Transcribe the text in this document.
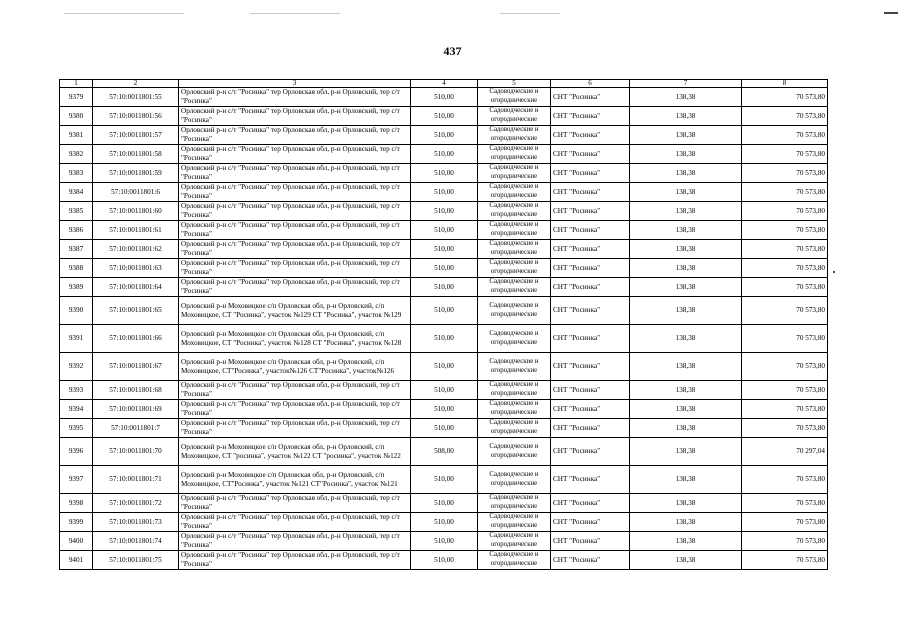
437
1	2	3	4	5	6	7	8
9379	57:10:0011801:55	Орловский р-н с/т "Росинка" тер Орловская обл, р-н Орловский, тер с/т "Росинка"	510,00	Садоводческие и огороднические	СНТ "Росинка"	138,38	70 573,80
9380	57:10:0011801:56	Орловский р-н с/т "Росинка" тер Орловская обл, р-н Орловский, тер с/т "Росинка"	510,00	Садоводческие и огороднические	СНТ "Росинка"	138,38	70 573,80
9381	57:10:0011801:57	Орловский р-н с/т "Росинка" тер Орловская обл, р-н Орловский, тер с/т "Росинка"	510,00	Садоводческие и огороднические	СНТ "Росинка"	138,38	70 573,80
9382	57:10:0011801:58	Орловский р-н с/т "Росинка" тер Орловская обл, р-н Орловский, тер с/т "Росинка"	510,00	Садоводческие и огороднические	СНТ "Росинка"	138,38	70 573,80
9383	57:10:0011801:59	Орловский р-н с/т "Росинка" тер Орловская обл, р-н Орловский, тер с/т "Росинка"	510,00	Садоводческие и огороднические	СНТ "Росинка"	138,38	70 573,80
9384	57:10:0011801:6	Орловский р-н с/т "Росинка" тер Орловская обл, р-н Орловский, тер с/т "Росинка"	510,00	Садоводческие и огороднические	СНТ "Росинка"	138,38	70 573,80
9385	57:10:0011801:60	Орловский р-н с/т "Росинка" тер Орловская обл, р-н Орловский, тер с/т "Росинка"	510,00	Садоводческие и огороднические	СНТ "Росинка"	138,38	70 573,80
9386	57:10:0011801:61	Орловский р-н с/т "Росинка" тер Орловская обл, р-н Орловский, тер с/т "Росинка"	510,00	Садоводческие и огороднические	СНТ "Росинка"	138,38	70 573,80
9387	57:10:0011801:62	Орловский р-н с/т "Росинка" тер Орловская обл, р-н Орловский, тер с/т "Росинка"	510,00	Садоводческие и огороднические	СНТ "Росинка"	138,38	70 573,80
9388	57:10:0011801:63	Орловский р-н с/т "Росинка" тер Орловская обл, р-н Орловский, тер с/т "Росинка"	510,00	Садоводческие и огороднические	СНТ "Росинка"	138,38	70 573,80
9389	57:10:0011801:64	Орловский р-н с/т "Росинка" тер Орловская обл, р-н Орловский, тер с/т "Росинка"	510,00	Садоводческие и огороднические	СНТ "Росинка"	138,38	70 573,80
9390	57:10:0011801:65	Орловский р-н Моховицкое с/п Орловская обл, р-н Орловский, с/п Моховицкое, СТ "Росинка", участок №129 СТ "Росинка", участок №129	510,00	Садоводческие и огороднические	СНТ "Росинка"	138,38	70 573,80
9391	57:10:0011801:66	Орловский р-н Моховицкое с/п Орловская обл, р-н Орловский, с/п Моховицкое, СТ "Росинка", участок №128 СТ "Росинка", участок №128	510,00	Садоводческие и огороднические	СНТ "Росинка"	138,38	70 573,80
9392	57:10:0011801:67	Орловский р-н Моховицкое с/п Орловская обл, р-н Орловский, с/п Моховицкое, СТ"Росинка", участок№126 СТ"Росинка", участок№126	510,00	Садоводческие и огороднические	СНТ "Росинка"	138,38	70 573,80
9393	57:10:0011801:68	Орловский р-н с/т "Росинка" тер Орловская обл, р-н Орловский, тер с/т "Росинка"	510,00	Садоводческие и огороднические	СНТ "Росинка"	138,38	70 573,80
9394	57:10:0011801:69	Орловский р-н с/т "Росинка" тер Орловская обл, р-н Орловский, тер с/т "Росинка"	510,00	Садоводческие и огороднические	СНТ "Росинка"	138,38	70 573,80
9395	57:10:0011801:7	Орловский р-н с/т "Росинка" тер Орловская обл, р-н Орловский, тер с/т "Росинка"	510,00	Садоводческие и огороднические	СНТ "Росинка"	138,38	70 573,80
9396	57:10:0011801:70	Орловский р-н Моховицкое с/п Орловская обл, р-н Орловский, с/п Моховицкое, СТ "росинка", участок №122 СТ "росинка", участок №122	508,00	Садоводческие и огороднические	СНТ "Росинка"	138,38	70 297,04
9397	57:10:0011801:71	Орловский р-н Моховицкое с/п Орловская обл, р-н Орловский, с/п Моховицкое, СТ"Росинка", участок №121 СТ"Росинка", участок №121	510,00	Садоводческие и огороднические	СНТ "Росинка"	138,38	70 573,80
9398	57:10:0011801:72	Орловский р-н с/т "Росинка" тер Орловская обл, р-н Орловский, тер с/т "Росинка"	510,00	Садоводческие и огороднические	СНТ "Росинка"	138,38	70 573,80
9399	57:10:0011801:73	Орловский р-н с/т "Росинка" тер Орловская обл, р-н Орловский, тер с/т "Росинка"	510,00	Садоводческие и огороднические	СНТ "Росинка"	138,38	70 573,80
9400	57:10:0011801:74	Орловский р-н с/т "Росинка" тер Орловская обл, р-н Орловский, тер с/т "Росинка"	510,00	Садоводческие и огороднические	СНТ "Росинка"	138,38	70 573,80
9401	57:10:0011801:75	Орловский р-н с/т "Росинка" тер Орловская обл, р-н Орловский, тер с/т "Росинка"	510,00	Садоводческие и огороднические	СНТ "Росинка"	138,38	70 573,80
